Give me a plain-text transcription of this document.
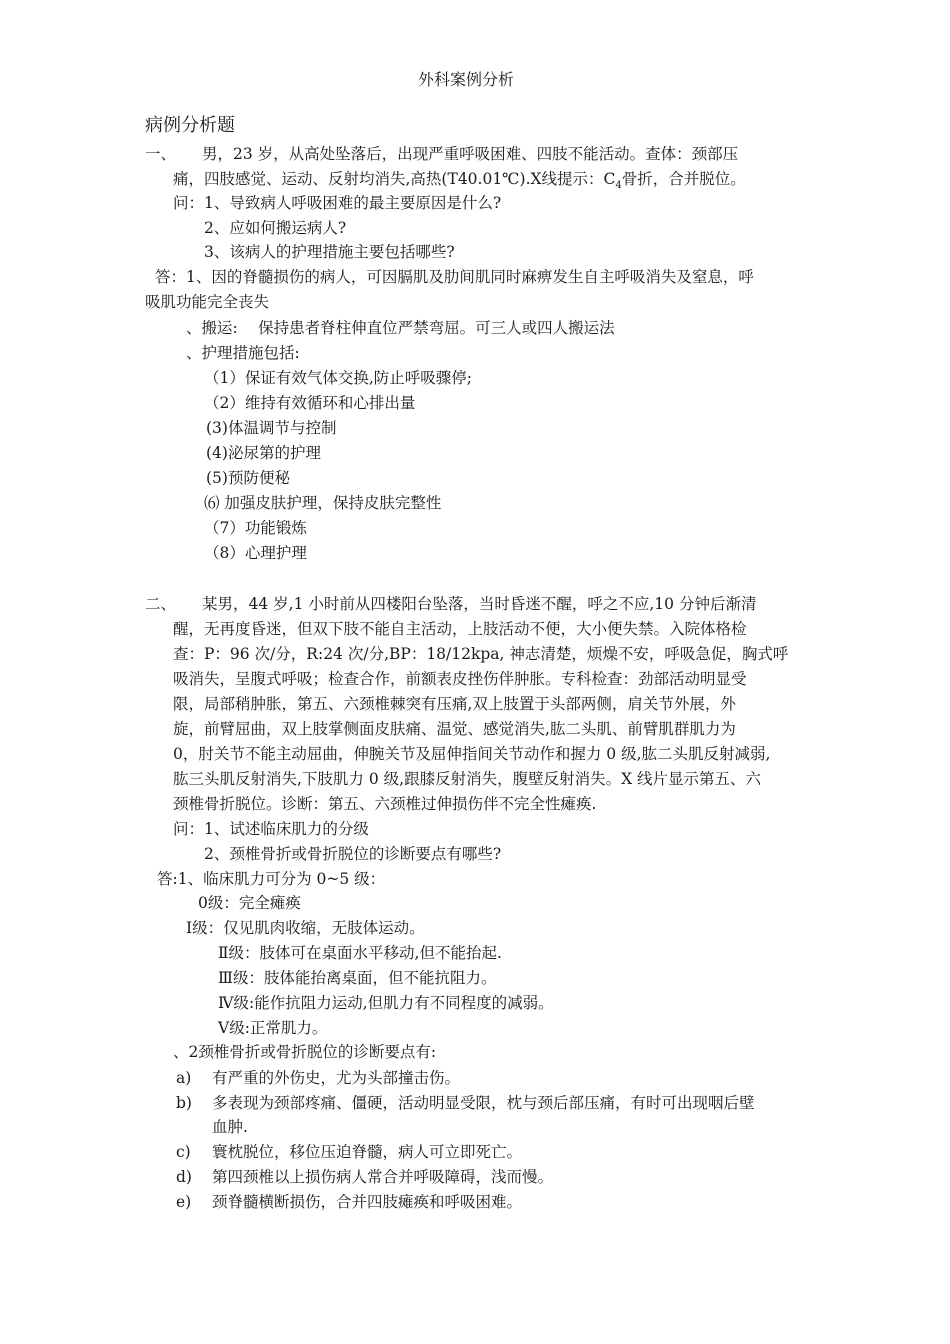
外科案例分析
病例分析题
一、 男，23 岁，从高处坠落后，出现严重呼吸困难、四肢不能活动。查体：颈部压
痛，四肢感觉、运动、反射均消失,高热(T40.01℃).X线提示：$C_4$骨折，合并脱位。
问：1、导致病人呼吸困难的最主要原因是什么?
2、应如何搬运病人?
3、该病人的护理措施主要包括哪些?
答：1、因的脊髓损伤的病人，可因膈肌及肋间肌同时麻痹发生自主呼吸消失及窒息，呼
吸肌功能完全丧失
、搬运:　 保持患者脊柱伸直位严禁弯屈。可三人或四人搬运法
、护理措施包括:
（1）保证有效气体交换,防止呼吸骤停;
（2）维持有效循环和心排出量
(3)体温调节与控制
(4)泌尿第的护理
(5)预防便秘
⑹ 加强皮肤护理，保持皮肤完整性
（7）功能锻炼
（8）心理护理
二、 某男，44 岁,1 小时前从四楼阳台坠落，当时昏迷不醒，呼之不应,10 分钟后渐清
醒，无再度昏迷，但双下肢不能自主活动，上肢活动不便，大小便失禁。入院体格检
查：P：96 次/分，R:24 次/分,BP：18/12kpa, 神志清楚，烦燥不安，呼吸急促，胸式呼
吸消失，呈腹式呼吸；检查合作，前额表皮挫伤伴肿胀。专科检查：劲部活动明显受
限，局部稍肿胀，第五、六颈椎棘突有压痛,双上肢置于头部两侧，肩关节外展，外
旋，前臂屈曲，双上肢掌侧面皮肤痛、温觉、感觉消失,肱二头肌、前臂肌群肌力为
0，肘关节不能主动屈曲，伸腕关节及屈伸指间关节动作和握力 0 级,肱二头肌反射减弱,
肱三头肌反射消失,下肢肌力 0 级,跟膝反射消失，腹壁反射消失。X 线片显示第五、六
颈椎骨折脱位。诊断：第五、六颈椎过伸损伤伴不完全性瘫痪.
问：1、试述临床肌力的分级
2、颈椎骨折或骨折脱位的诊断要点有哪些?
答:1、临床肌力可分为 0~5 级：
0级：完全瘫痪
Ⅰ级：仅见肌肉收缩，无肢体运动。
Ⅱ级：肢体可在桌面水平移动,但不能抬起.
Ⅲ级：肢体能抬离桌面，但不能抗阻力。
Ⅳ级:能作抗阻力运动,但肌力有不同程度的减弱。
Ⅴ级:正常肌力。
、2颈椎骨折或骨折脱位的诊断要点有:
a) 有严重的外伤史，尤为头部撞击伤。
b) 多表现为颈部疼痛、僵硬，活动明显受限，枕与颈后部压痛，有时可出现咽后壁
血肿.
c) 寰枕脱位，移位压迫脊髓，病人可立即死亡。
d) 第四颈椎以上损伤病人常合并呼吸障碍，浅而慢。
e) 颈脊髓横断损伤，合并四肢瘫痪和呼吸困难。
